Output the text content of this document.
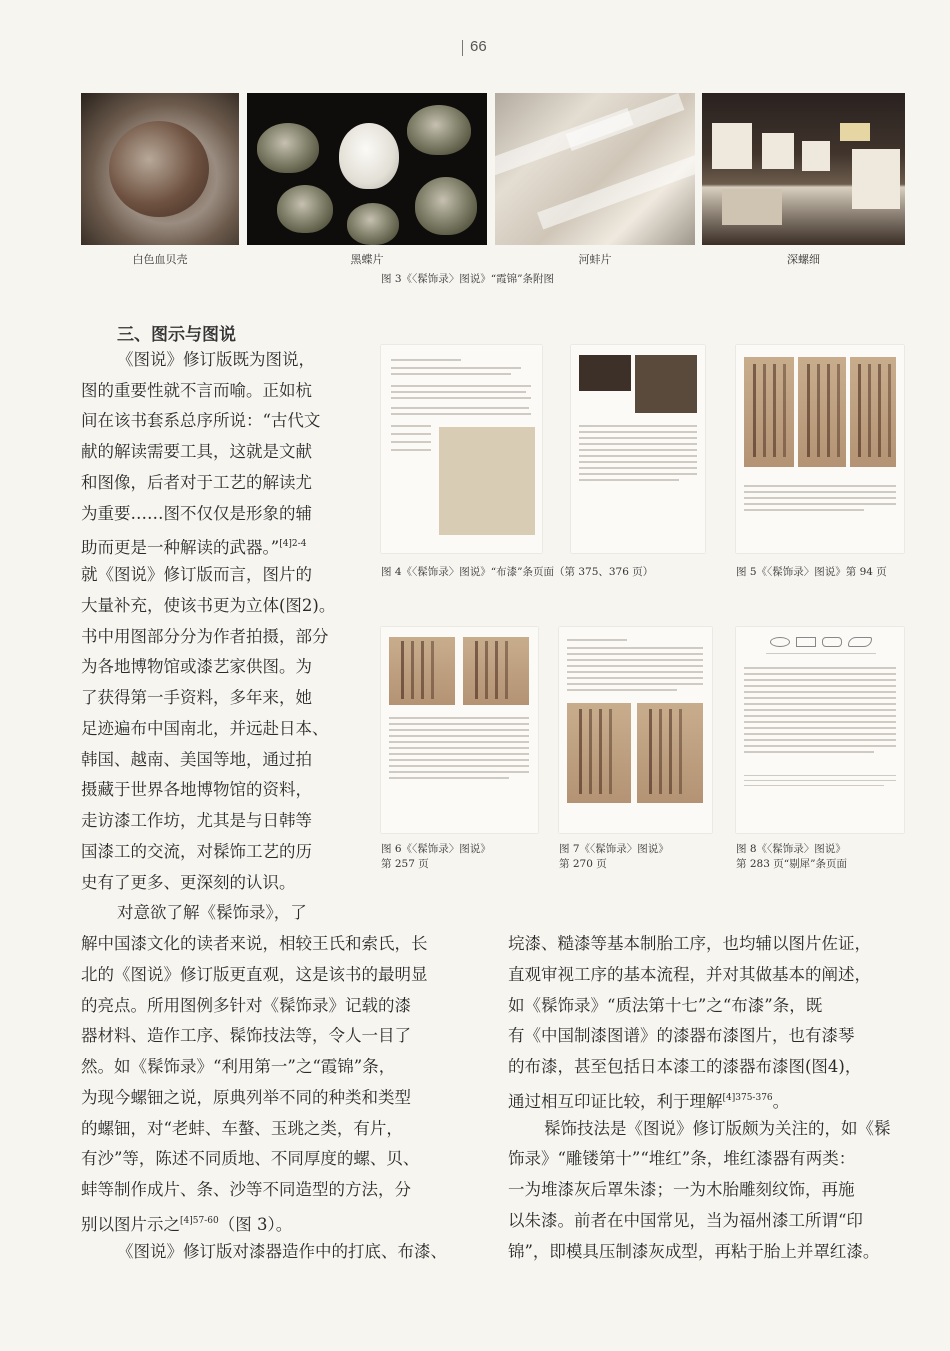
66
白色血贝壳	黑蝶片	河蚌片	深螺细
图 3《〈髹饰录〉图说》“霞锦”条附图
三、图示与图说
图 4《〈髹饰录〉图说》“布漆”条页面（第 375、376 页）	图 5《〈髹饰录〉图说》第 94 页
图 6《〈髹饰录〉图说》
第 257 页
图 7《〈髹饰录〉图说》
第 270 页
图 8《〈髹饰录〉图说》
第 283 页“剔犀”条页面
《图说》修订版既为图说，
图的重要性就不言而喻。正如杭
间在该书套系总序所说：“古代文
献的解读需要工具，这就是文献
和图像，后者对于工艺的解读尤
为重要……图不仅仅是形象的辅
助而更是一种解读的武器。”$^{[4]2-4}$
就《图说》修订版而言，图片的
大量补充，使该书更为立体(图2)。
书中用图部分分为作者拍摄，部分
为各地博物馆或漆艺家供图。为
了获得第一手资料，多年来，她
足迹遍布中国南北，并远赴日本、
韩国、越南、美国等地，通过拍
摄藏于世界各地博物馆的资料，
走访漆工作坊，尤其是与日韩等
国漆工的交流，对髹饰工艺的历
史有了更多、更深刻的认识。
对意欲了解《髹饰录》，了
解中国漆文化的读者来说，相较王氏和索氏，长
北的《图说》修订版更直观，这是该书的最明显
的亮点。所用图例多针对《髹饰录》记载的漆
器材料、造作工序、髹饰技法等，令人一目了
然。如《髹饰录》“利用第一”之“霞锦”条，
为现今螺钿之说，原典列举不同的种类和类型
的螺钿，对“老蚌、车螯、玉珧之类，有片，
有沙”等，陈述不同质地、不同厚度的螺、贝、
蚌等制作成片、条、沙等不同造型的方法，分
别以图片示之$^{[4]57-60}$（图 3）。
《图说》修订版对漆器造作中的打底、布漆、
垸漆、糙漆等基本制胎工序，也均辅以图片佐证，
直观审视工序的基本流程，并对其做基本的阐述，
如《髹饰录》“质法第十七”之“布漆”条，既
有《中国制漆图谱》的漆器布漆图片，也有漆琴
的布漆，甚至包括日本漆工的漆器布漆图(图4)，
通过相互印证比较，利于理解$^{[4]375-376}$。
髹饰技法是《图说》修订版颇为关注的，如《髹
饰录》“雕镂第十”“堆红”条，堆红漆器有两类：
一为堆漆灰后罩朱漆；一为木胎雕刻纹饰，再施
以朱漆。前者在中国常见，当为福州漆工所谓“印
锦”，即模具压制漆灰成型，再粘于胎上并罩红漆。
